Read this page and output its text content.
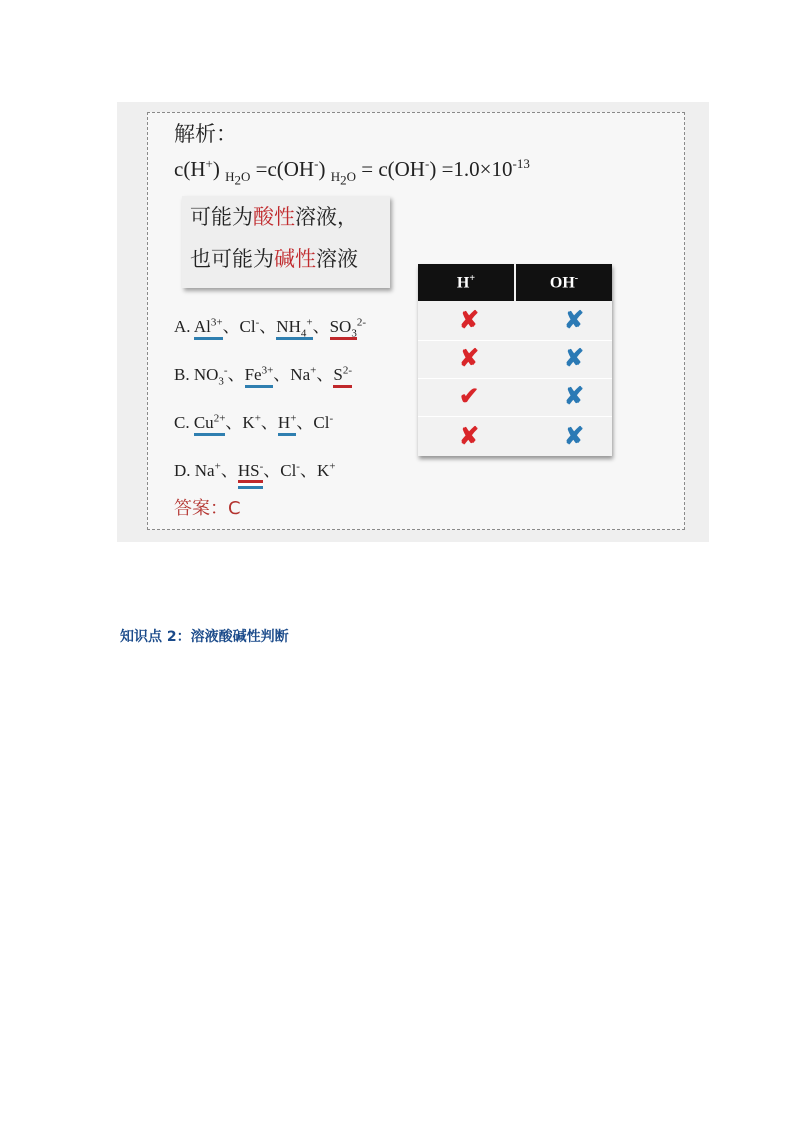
解析：
c(H+) $_{H_2O}$ =c(OH-) $_{H_2O} = c(OH^-) =1.0\times 10^{-13}$
可能为酸性溶液，
也可能为碱性溶液
A. $Al^{3+}$、Cl-、$NH_4^+$、$SO_3^{2-}$
B. $NO_3^-$、$Fe^{3+}$、Na+、$S^{2-}$
C. $Cu^{2+}$、K+、H+、Cl-
D. Na+、HS-、Cl-、K+
答案：C
H+	OH-
✘	✘
✘	✘
✔	✘
✘	✘
知识点 2：溶液酸碱性判断
